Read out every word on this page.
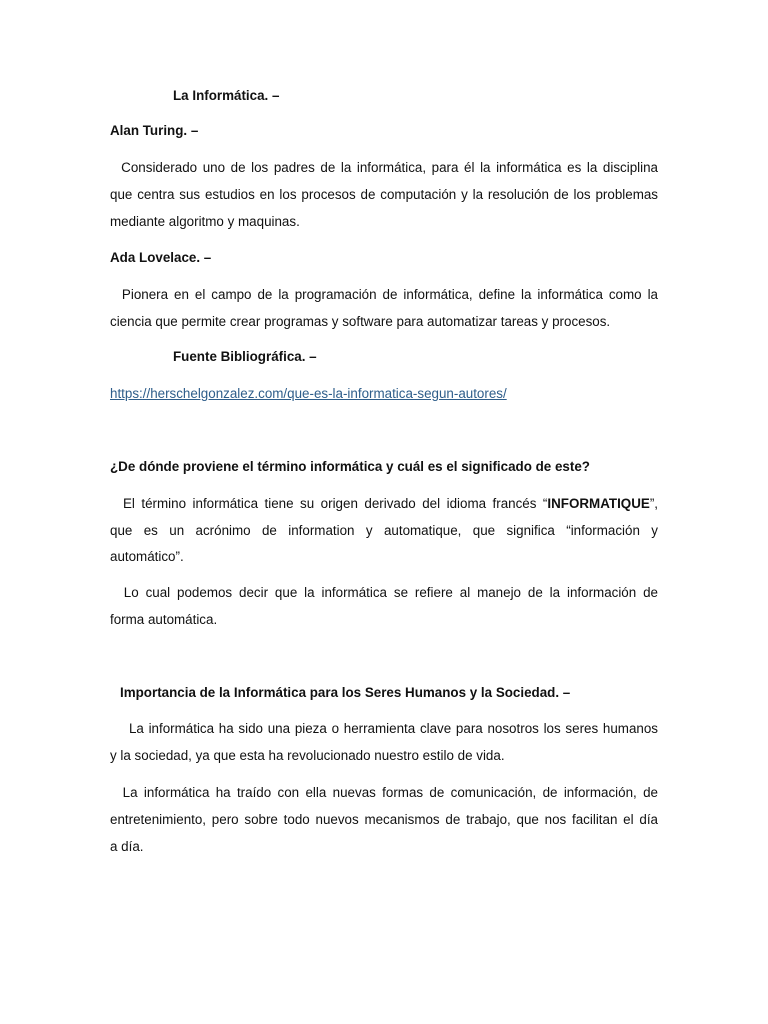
La Informática. –

Alan Turing. –

Considerado uno de los padres de la informática, para él la informática es la disciplina

que centra sus estudios en los procesos de computación y la resolución de los problemas

mediante algoritmo y maquinas.

Ada Lovelace. –

Pionera en el campo de la programación de informática, define la informática como la

ciencia que permite crear programas y software para automatizar tareas y procesos.

Fuente Bibliográfica. –

https://herschelgonzalez.com/que-es-la-informatica-segun-autores/

¿De dónde proviene el término informática y cuál es el significado de este?

El término informática tiene su origen derivado del idioma francés “INFORMATIQUE”,

que es un acrónimo de information y automatique, que significa “información y

automático”.

Lo cual podemos decir que la informática se refiere al manejo de la información de

forma automática.

Importancia de la Informática para los Seres Humanos y la Sociedad. –

La informática ha sido una pieza o herramienta clave para nosotros los seres humanos

y la sociedad, ya que esta ha revolucionado nuestro estilo de vida.

La informática ha traído con ella nuevas formas de comunicación, de información, de

entretenimiento, pero sobre todo nuevos mecanismos de trabajo, que nos facilitan el día

a día.
